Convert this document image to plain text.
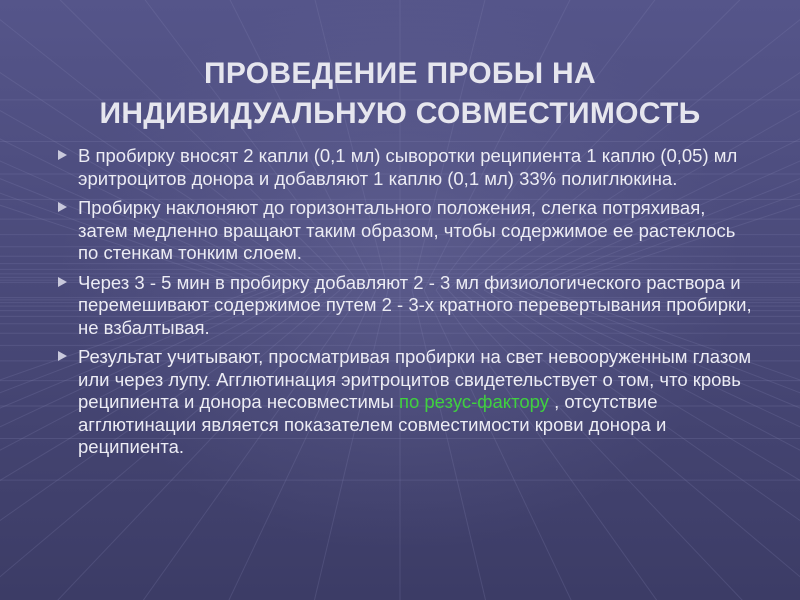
ПРОВЕДЕНИЕ ПРОБЫ НА
ИНДИВИДУАЛЬНУЮ СОВМЕСТИМОСТЬ
В пробирку вносят 2 капли (0,1 мл) сыворотки реципиента 1 каплю (0,05) мл эритроцитов донора и добавляют 1 каплю (0,1 мл) 33% полиглюкина.
Пробирку наклоняют до горизонтального положения, слегка потряхивая, затем медленно вращают таким образом, чтобы содержимое ее растеклось по стенкам тонким слоем.
Через 3 - 5 мин в пробирку добавляют 2 - 3 мл физиологического раствора и перемешивают содержимое путем 2 - 3-х кратного перевертывания пробирки, не взбалтывая.
Результат учитывают, просматривая пробирки на свет невооруженным глазом или через лупу. Агглютинация эритроцитов свидетельствует о том, что кровь реципиента и донора несовместимы по резус-фактору , отсутствие агглютинации является показателем совместимости крови донора и реципиента.
